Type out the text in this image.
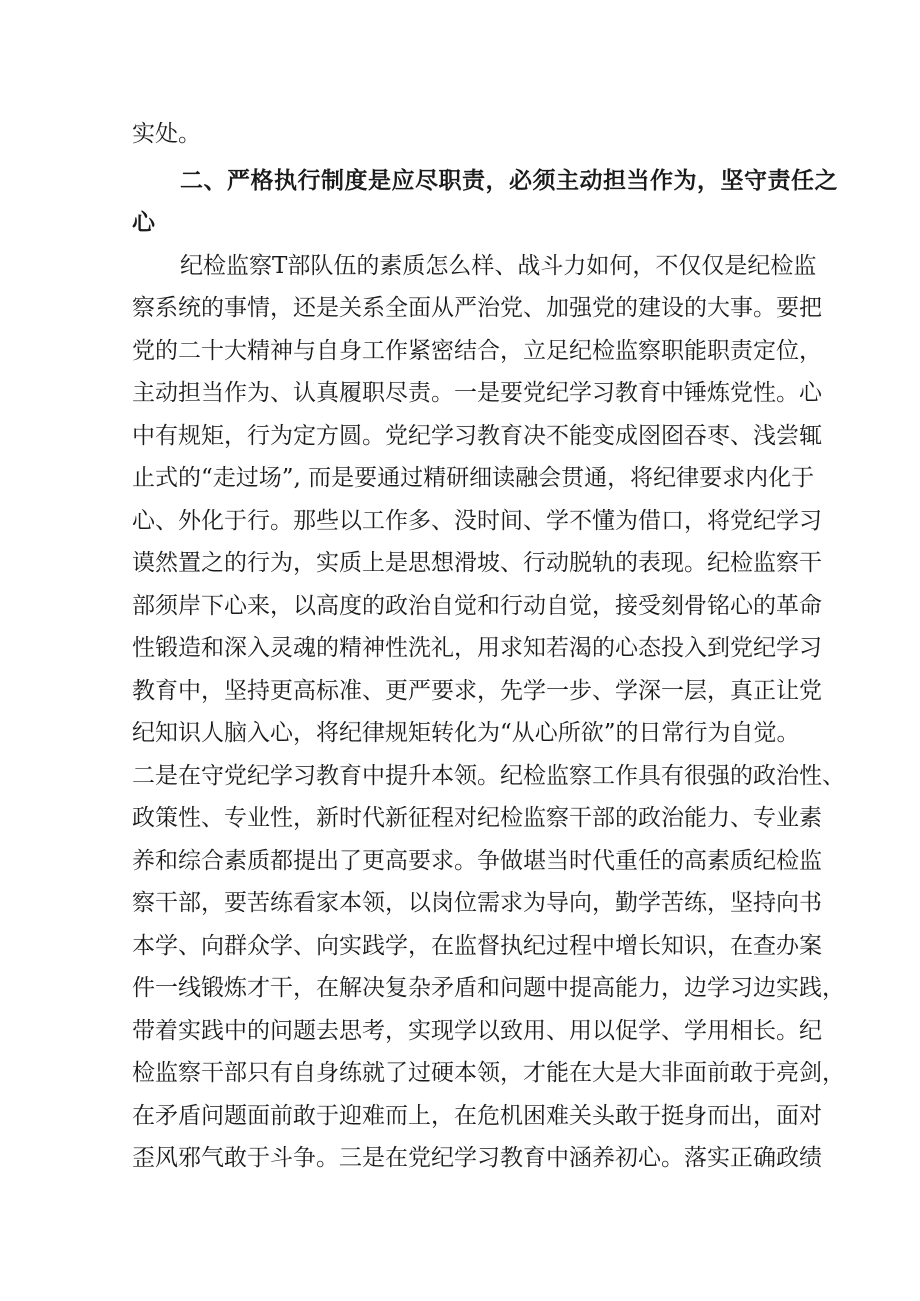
实处。
二、严格执行制度是应尽职责，必须主动担当作为，坚守责任之
心
纪检监察T部队伍的素质怎么样、战斗力如何，不仅仅是纪检监
察系统的事情，还是关系全面从严治党、加强党的建设的大事。要把
党的二十大精神与自身工作紧密结合，立足纪检监察职能职责定位，
主动担当作为、认真履职尽责。一是要党纪学习教育中锤炼党性。心
中有规矩，行为定方圆。党纪学习教育决不能变成囹囵吞枣、浅尝辄
止式的“走过场”, 而是要通过精研细读融会贯通，将纪律要求内化于
心、外化于行。那些以工作多、没时间、学不懂为借口，将党纪学习
谟然置之的行为，实质上是思想滑坡、行动脱轨的表现。纪检监察干
部须岸下心来，以高度的政治自觉和行动自觉，接受刻骨铭心的革命
性锻造和深入灵魂的精神性洗礼，用求知若渴的心态投入到党纪学习
教育中，坚持更高标准、更严要求，先学一步、学深一层，真正让党
纪知识人脑入心，将纪律规矩转化为“从心所欲”的日常行为自觉。
二是在守党纪学习教育中提升本领。纪检监察工作具有很强的政治性、
政策性、专业性，新时代新征程对纪检监察干部的政治能力、专业素
养和综合素质都提出了更高要求。争做堪当时代重任的高素质纪检监
察干部，要苦练看家本领，以岗位需求为导向，勤学苦练，坚持向书
本学、向群众学、向实践学，在监督执纪过程中增长知识，在查办案
件一线锻炼才干，在解决复杂矛盾和问题中提高能力，边学习边实践，
带着实践中的问题去思考，实现学以致用、用以促学、学用相长。纪
检监察干部只有自身练就了过硬本领，才能在大是大非面前敢于亮剑，
在矛盾问题面前敢于迎难而上，在危机困难关头敢于挺身而出，面对
歪风邪气敢于斗争。三是在党纪学习教育中涵养初心。落实正确政绩
